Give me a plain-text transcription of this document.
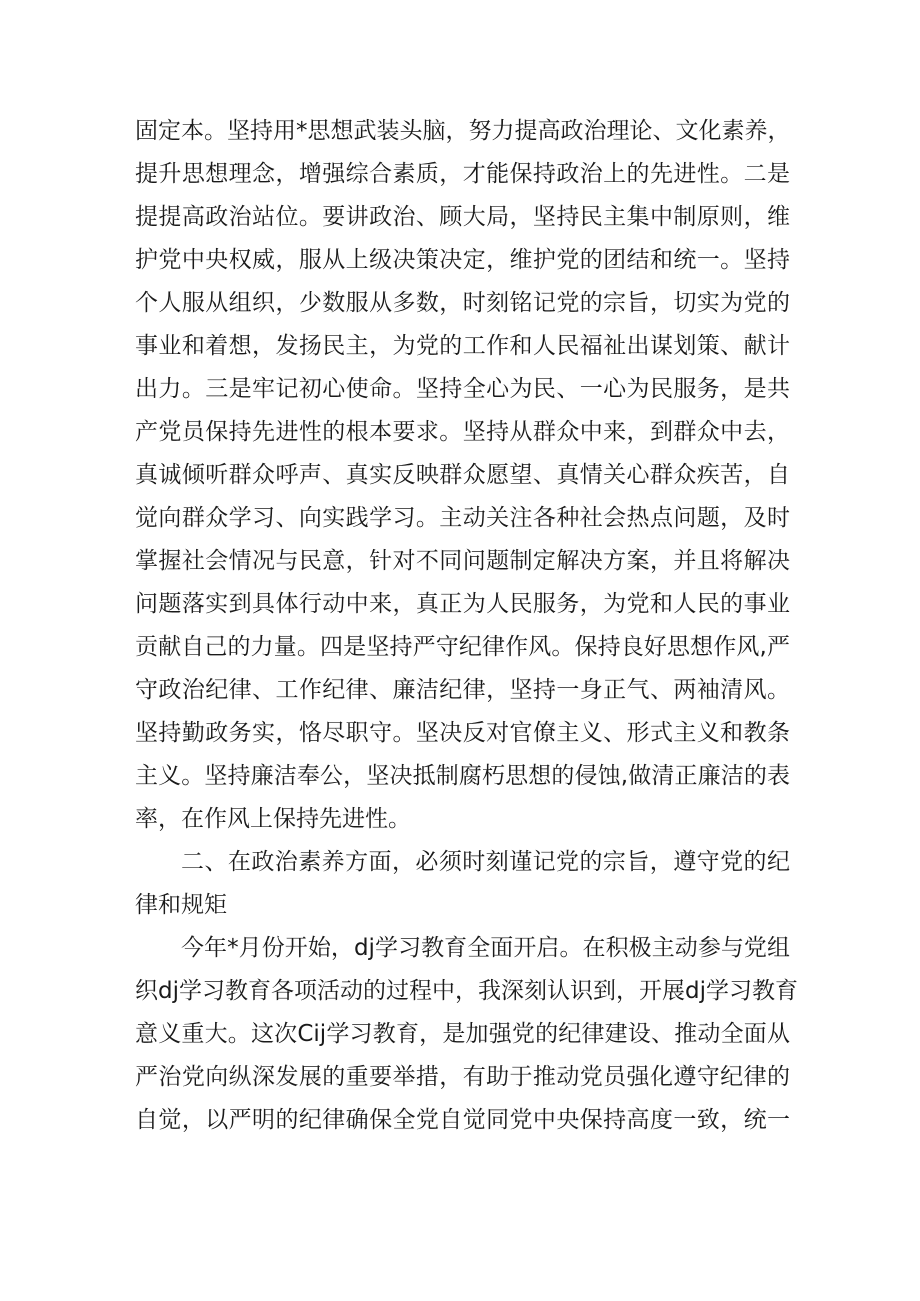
固定本。坚持用*思想武装头脑，努力提高政治理论、文化素养，
提升思想理念，增强综合素质，才能保持政治上的先进性。二是
提提高政治站位。要讲政治、顾大局，坚持民主集中制原则，维
护党中央权威，服从上级决策决定，维护党的团结和统一。坚持
个人服从组织，少数服从多数，时刻铭记党的宗旨，切实为党的
事业和着想，发扬民主，为党的工作和人民福祉出谋划策、献计
出力。三是牢记初心使命。坚持全心为民、一心为民服务，是共
产党员保持先进性的根本要求。坚持从群众中来，到群众中去，
真诚倾听群众呼声、真实反映群众愿望、真情关心群众疾苦，自
觉向群众学习、向实践学习。主动关注各种社会热点问题，及时
掌握社会情况与民意，针对不同问题制定解决方案，并且将解决
问题落实到具体行动中来，真正为人民服务，为党和人民的事业
贡献自己的力量。四是坚持严守纪律作风。保持良好思想作风,严
守政治纪律、工作纪律、廉洁纪律，坚持一身正气、两袖清风。
坚持勤政务实，恪尽职守。坚决反对官僚主义、形式主义和教条
主义。坚持廉洁奉公，坚决抵制腐朽思想的侵蚀,做清正廉洁的表
率，在作风上保持先进性。
二、在政治素养方面，必须时刻谨记党的宗旨，遵守党的纪
律和规矩
今年*月份开始，dj学习教育全面开启。在积极主动参与党组
织dj学习教育各项活动的过程中，我深刻认识到，开展dj学习教育
意义重大。这次Cij学习教育，是加强党的纪律建设、推动全面从
严治党向纵深发展的重要举措，有助于推动党员强化遵守纪律的
自觉，以严明的纪律确保全党自觉同党中央保持高度一致，统一
